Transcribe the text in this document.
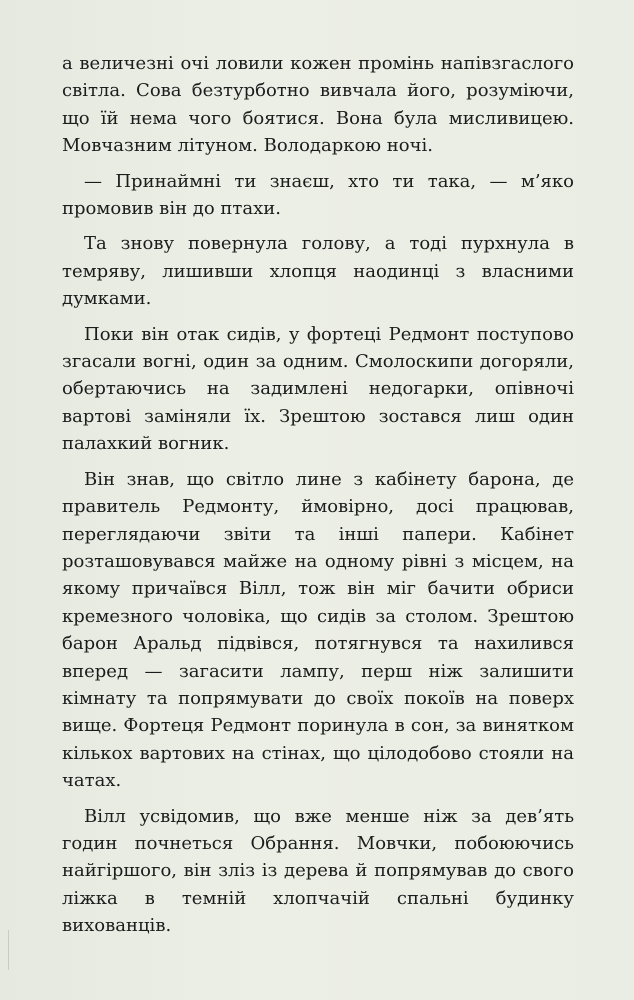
а величезні очі ловили кожен промінь напівзгаслого світла. Сова безтурботно вивчала його, розуміючи, що їй нема чого боятися. Вона була мисливицею. Мовчазним літуном. Володаркою ночі.

— Принаймні ти знаєш, хто ти така, — м’яко промовив він до птахи.

Та знову повернула голову, а тоді пурхнула в темряву, лишивши хлопця наодинці з власними думками.

Поки він отак сидів, у фортеці Редмонт поступово згасали вогні, один за одним. Смолоскипи догоряли, обертаючись на задимлені недогарки, опівночі вартові заміняли їх. Зрештою зостався лиш один палахкий вогник.

Він знав, що світло лине з кабінету барона, де правитель Редмонту, ймовірно, досі працював, переглядаючи звіти та інші папери. Кабінет розташовувався майже на одному рівні з місцем, на якому причаївся Вілл, тож він міг бачити обриси кремезного чоловіка, що сидів за столом. Зрештою барон Аральд підвівся, потягнувся та нахилився вперед — загасити лампу, перш ніж залишити кімнату та попрямувати до своїх покоїв на поверх вище. Фортеця Редмонт поринула в сон, за винятком кількох вартових на стінах, що цілодобово стояли на чатах.

Вілл усвідомив, що вже менше ніж за дев’ять годин почнеться Обрання. Мовчки, побоюючись найгіршого, він зліз із дерева й попрямував до свого ліжка в темній хлопчачій спальні будинку вихованців.
